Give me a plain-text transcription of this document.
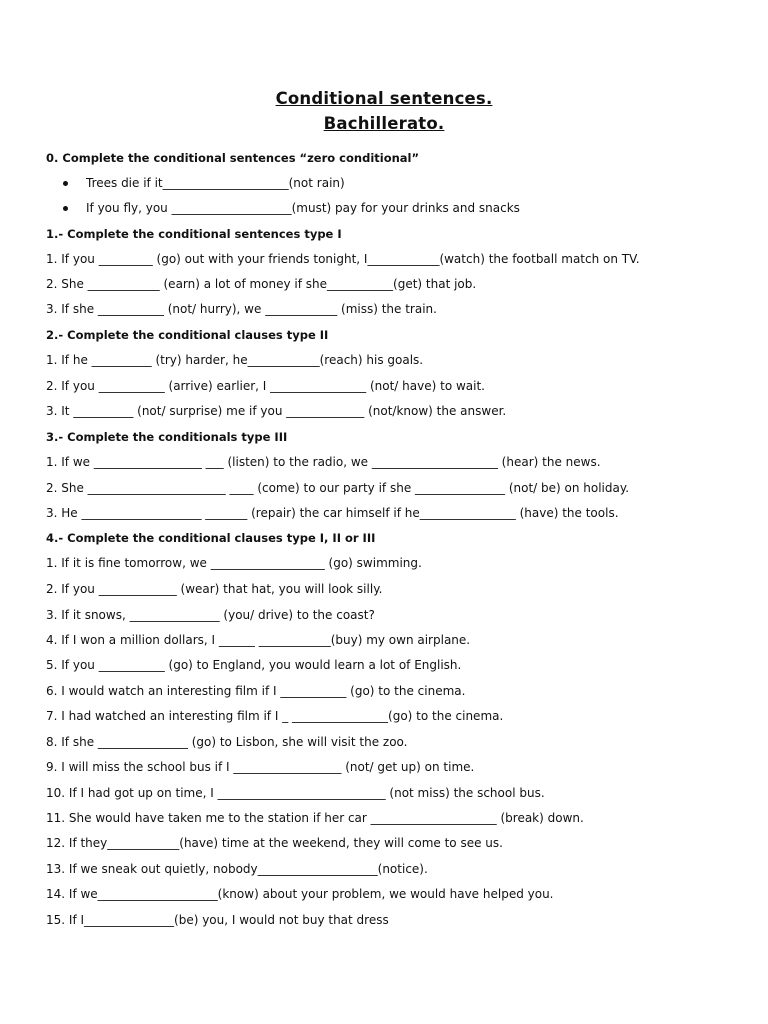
Conditional sentences.
Bachillerato.
0. Complete the conditional sentences “zero conditional”
Trees die if it_____________________(not rain)
If you fly, you ____________________(must) pay for your drinks and snacks
1.- Complete the conditional sentences type I
1. If you _________ (go) out with your friends tonight, I____________(watch) the football match on TV.
2. She ____________ (earn) a lot of money if she___________(get) that job.
3. If she ___________ (not/ hurry), we ____________ (miss) the train.
2.- Complete the conditional clauses type II
1. If he __________ (try) harder, he____________(reach) his goals.
2. If you ___________ (arrive) earlier, I ________________ (not/ have) to wait.
3. It __________ (not/ surprise) me if you _____________ (not/know) the answer.
3.- Complete the conditionals type III
1. If we __________________ ___ (listen) to the radio, we _____________________ (hear) the news.
2. She _______________________ ____ (come) to our party if she _______________ (not/ be) on holiday.
3. He ____________________ _______ (repair) the car himself if he________________ (have) the tools.
4.- Complete the conditional clauses type I, II or III
1. If it is fine tomorrow, we ___________________ (go) swimming.
2. If you _____________ (wear) that hat, you will look silly.
3. If it snows, _______________ (you/ drive) to the coast?
4. If I won a million dollars, I ______ ____________(buy) my own airplane.
5. If you ___________ (go) to England, you would learn a lot of English.
6. I would watch an interesting film if I ___________ (go) to the cinema.
7. I had watched an interesting film if I _ ________________(go) to the cinema.
8. If she _______________ (go) to Lisbon, she will visit the zoo.
9. I will miss the school bus if I __________________ (not/ get up) on time.
10. If I had got up on time, I ____________________________ (not miss) the school bus.
11. She would have taken me to the station if her car _____________________ (break) down.
12. If they____________(have) time at the weekend, they will come to see us.
13. If we sneak out quietly, nobody____________________(notice).
14. If we____________________(know) about your problem, we would have helped you.
15. If I_______________(be) you, I would not buy that dress
